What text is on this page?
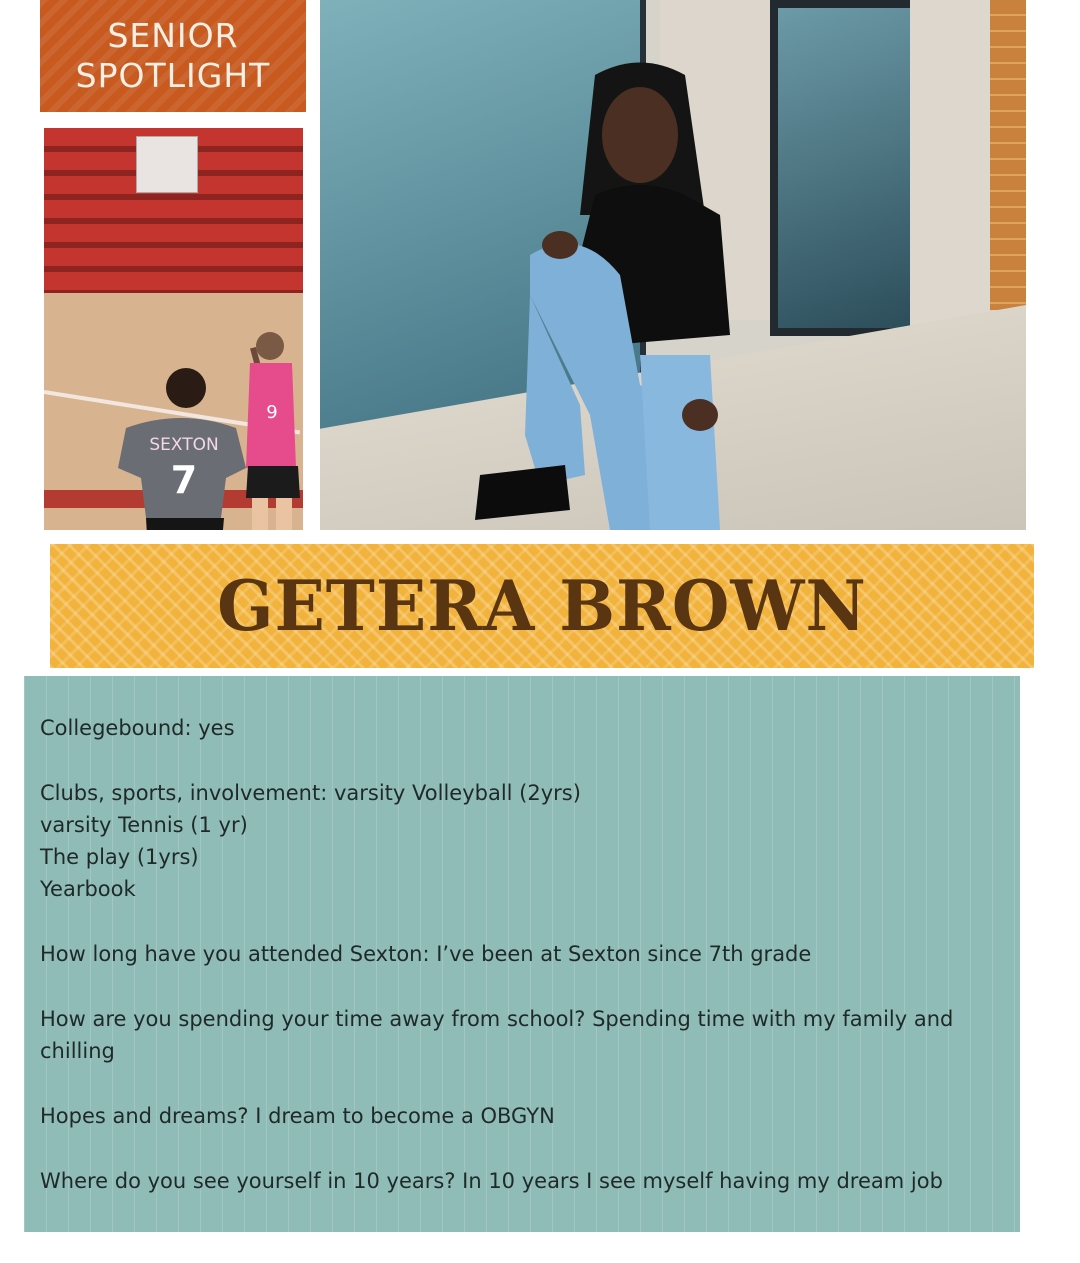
SENIOR
SPOTLIGHT
9
SEXTON
7
GETERA BROWN

Collegebound: yes

Clubs, sports, involvement: varsity Volleyball (2yrs)

varsity Tennis (1 yr)

The play (1yrs)

Yearbook

How long have you attended Sexton: I’ve been at Sexton since 7th grade

How are you spending your time away from school? Spending time with my family and

chilling

Hopes and dreams? I dream to become a OBGYN

Where do you see yourself in 10 years? In 10 years I see myself having my dream job
